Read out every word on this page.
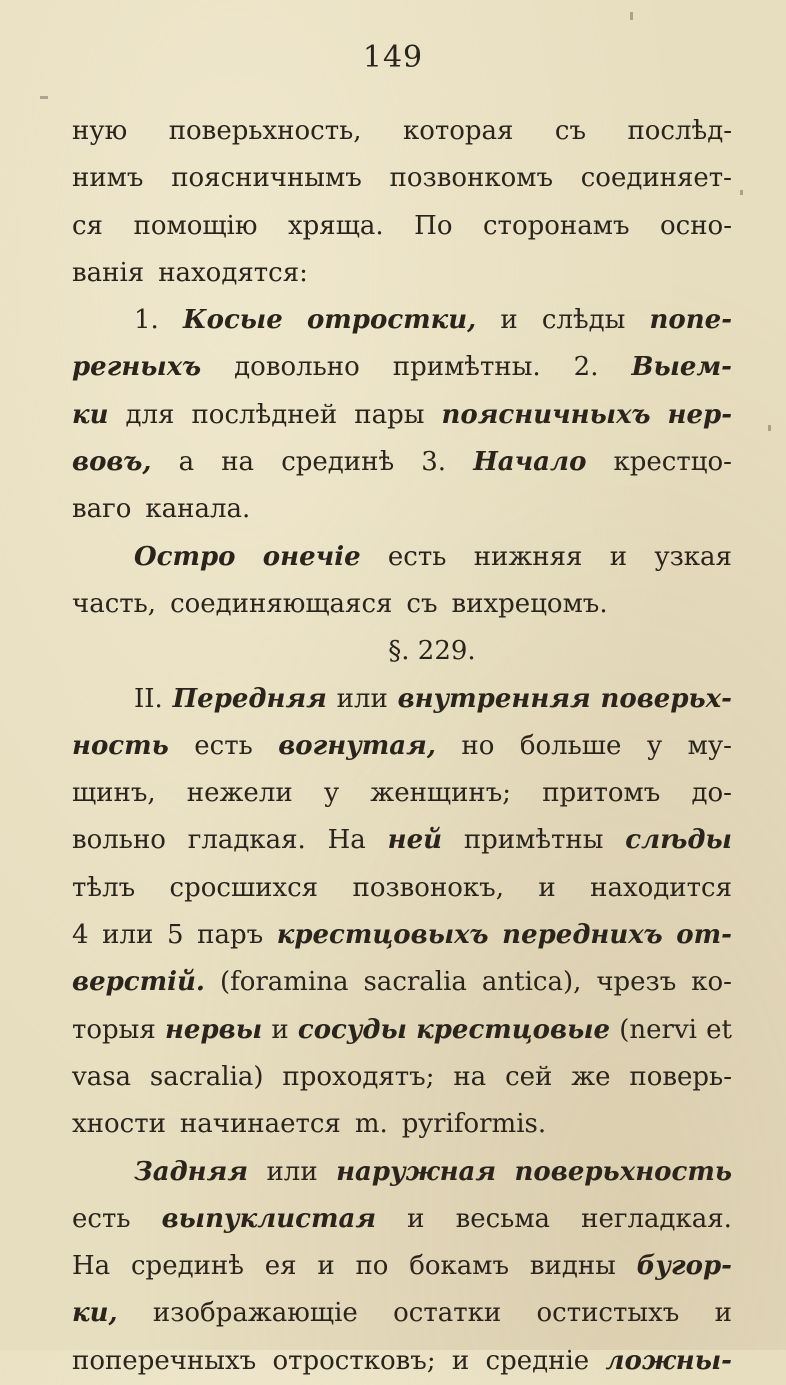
149
ную поверьхность, которая съ послѣд-
нимъ поясничнымъ позвонкомъ соединяет-
ся помощію хряща. По сторонамъ осно-
ванія находятся:
1. Косые отростки, и слѣды попе-
регныхъ довольно примѣтны. 2. Выем-
ки для послѣдней пары поясничныхъ нер-
вовъ, а на срединѣ 3. Начало крестцо-
ваго канала.
Остро онечіе есть нижняя и узкая
часть, соединяющаяся съ вихрецомъ.
§. 229.
II. Передняя или внутренняя поверьх-
ность есть вогнутая, но больше у му-
щинъ, нежели у женщинъ; притомъ до-
вольно гладкая. На ней примѣтны слѣды
тѣлъ сросшихся позвонокъ, и находится
4 или 5 паръ крестцовыхъ переднихъ от-
верстій. (foramina sacralia antica), чрезъ ко-
торыя нервы и сосуды крестцовые (nervi et
vasa sacralia) проходятъ; на сей же поверь-
хности начинается m. pyriformis.
Задняя или наружная поверьхность
есть выпуклистая и весьма негладкая.
На срединѣ ея и по бокамъ видны бугор-
ки, изображающіе остатки остистыхъ и
поперечныхъ отростковъ; и средніе ложны-
